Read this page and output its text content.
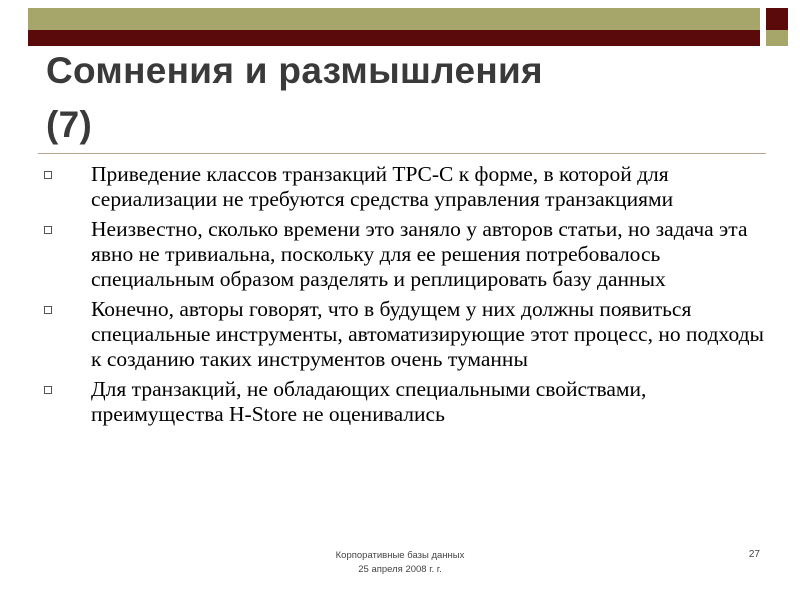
Сомнения и размышления
(7)
Приведение классов транзакций TPC-C к форме, в которой для сериализации не требуются средства управления транзакциями
Неизвестно, сколько времени это заняло у авторов статьи, но задача эта явно не тривиальна, поскольку для ее решения потребовалось специальным образом разделять и реплицировать базу данных
Конечно, авторы говорят, что в будущем у них должны появиться специальные инструменты, автоматизирующие этот процесс, но подходы к созданию таких инструментов очень туманны
Для транзакций, не обладающих специальными свойствами, преимущества H-Store не оценивались
Корпоративные базы данных
25 апреля 2008 г. г.
27
